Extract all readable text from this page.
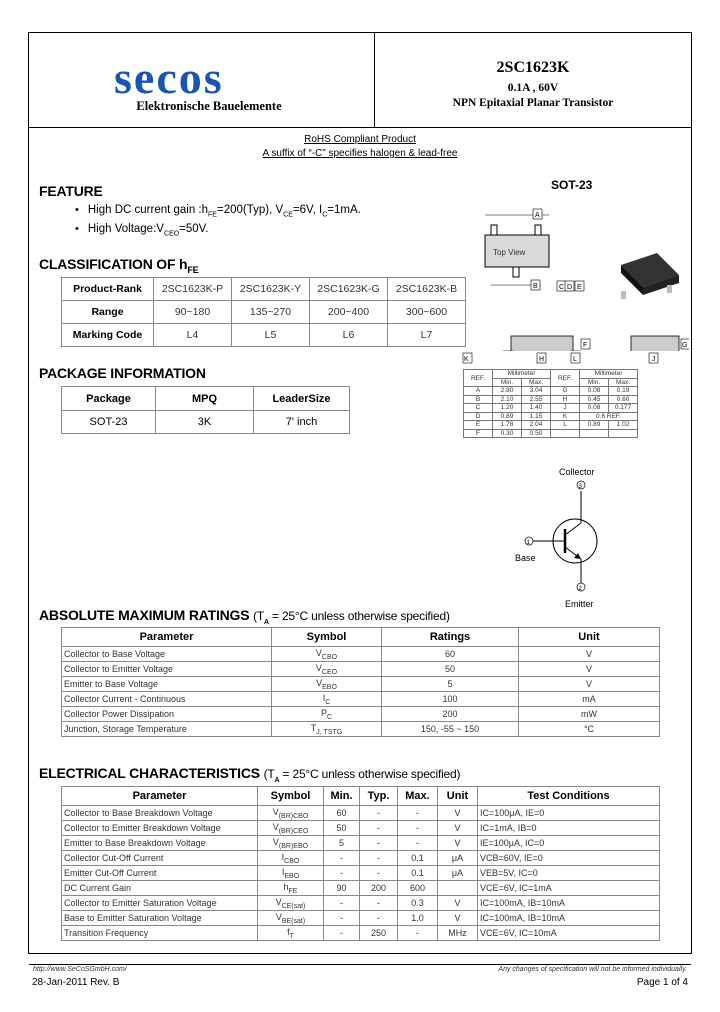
secos
Elektronische Bauelemente
2SC1623K
0.1A , 60V
NPN Epitaxial Planar Transistor
RoHS Compliant Product
A suffix of “-C” specifies halogen & lead-free
FEATURE
• High DC current gain $:h_{FE}=200(Typ)$, $V_{CE}=6V$, $I_C=1mA$.
• High $Voltage:V_{CEO}=50V$.
CLASSIFICATION OF $h_{FE}$
Product-Rank	2SC1623K-P	2SC1623K-Y	2SC1623K-G	2SC1623K-B
Range	90~180	135~270	200~400	300~600
Marking Code	L4	L5	L6	L7
PACKAGE INFORMATION
Package	MPQ	LeaderSize
SOT-23	3K	7' inch
SOT-23
Top View
A
B	C D E
F	G
K	H	L	J
REF.	Millimeter		REF.	Millimeter	
	Min.	Max.		Min.	Max.
A	2.80	3.04	G	0.08	0.19
B	2.10	2.55	H	0.45	0.60
C	1.20	1.40	J	0.08	0.177
D	0.89	1.15	K	0.6 REF.	
E	1.78	2.04	L	0.89	1.02
F	0.30	0.50			
Collector
3
1
Base
2
Emitter
ABSOLUTE MAXIMUM RATINGS ($T_A = 25^\circ C$ unless otherwise specified)
Parameter	Symbol	Ratings	Unit
Collector to Base Voltage	$V_{CBO}$	60	V
Collector to Emitter Voltage	$V_{CEO}$	50	V
Emitter to Base Voltage	$V_{EBO}$	5	V
Collector Current - Continuous	$I_C$	100	mA
Collector Power Dissipation	$P_C$	200	mW
Junction, Storage Temperature	$T_{J, TSTG}$	150, -55 ~ 150	°C
ELECTRICAL CHARACTERISTICS ($T_A = 25^\circ C$ unless otherwise specified)
Parameter	Symbol	Min.	Typ.	Max.	Unit	Test Conditions
Collector to Base Breakdown Voltage	$V_{(BR)CBO}$	60	-	-	V	IC=100μA, IE=0
Collector to Emitter Breakdown Voltage	$V_{(BR)CEO}$	50	-	-	V	IC=1mA, IB=0
Emitter to Base Breakdown Voltage	$V_{(BR)EBO}$	5	-	-	V	IE=100μA, IC=0
Collector Cut-Off Current	$I_{CBO}$	-	-	0.1	μA	VCB=60V, IE=0
Emitter Cut-Off Current	$I_{EBO}$	-	-	0.1	μA	VEB=5V, IC=0
DC Current Gain	$h_{FE}$	90	200	600		VCE=6V, IC=1mA
Collector to Emitter Saturation Voltage	$V_{CE(sat)}$	-	-	0.3	V	IC=100mA, IB=10mA
Base to Emitter Saturation Voltage	$V_{BE(sat)}$	-	-	1.0	V	IC=100mA, IB=10mA
Transition Frequency	$f_T$	-	250	-	MHz	VCE=6V, IC=10mA
http://www.SeCoSGmbH.com/	Any changes of specification will not be informed individually.
28-Jan-2011 Rev. B	Page 1 of 4
